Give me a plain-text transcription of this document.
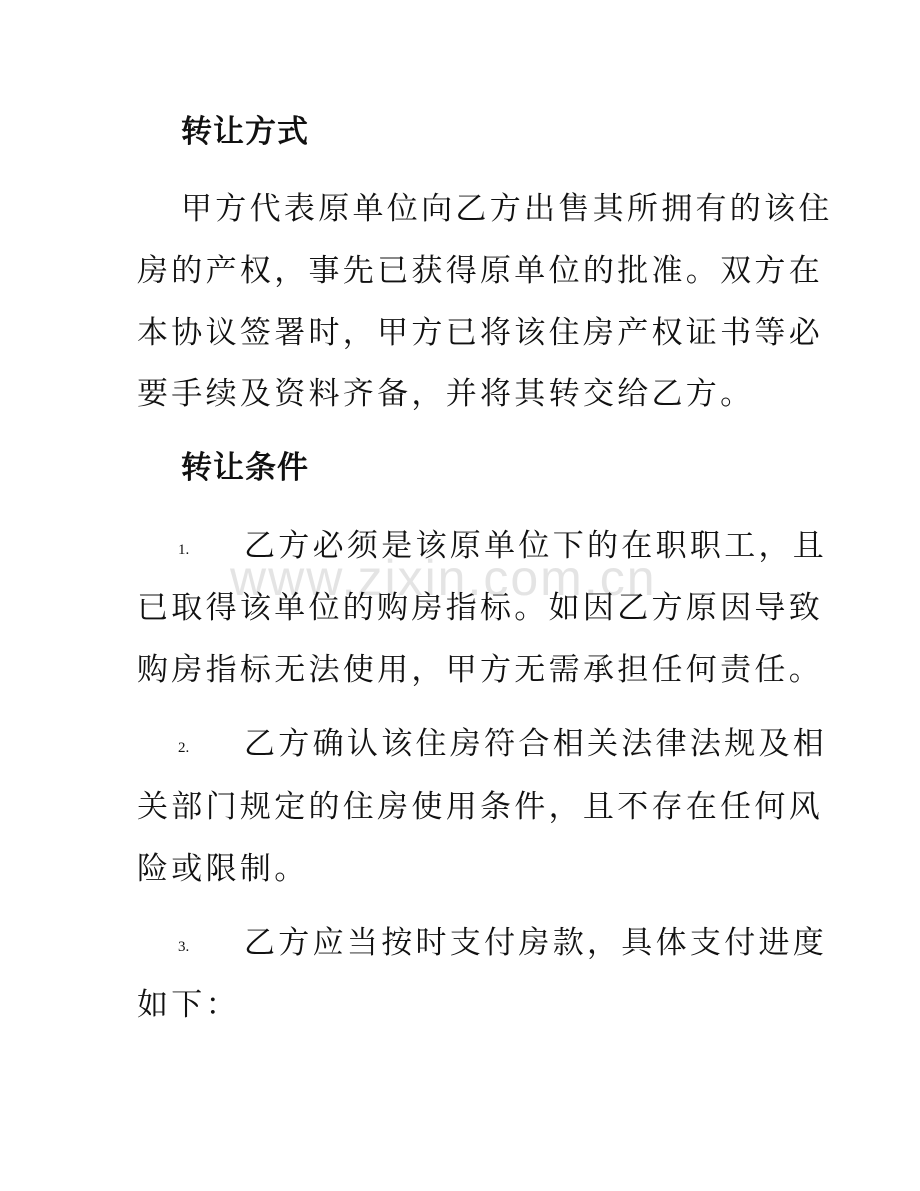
www.zixin.com.cn
转让方式
甲方代表原单位向乙方出售其所拥有的该住
房的产权，事先已获得原单位的批准。双方在
本协议签署时，甲方已将该住房产权证书等必
要手续及资料齐备，并将其转交给乙方。
转让条件
1. 乙方必须是该原单位下的在职职工，且
已取得该单位的购房指标。如因乙方原因导致
购房指标无法使用，甲方无需承担任何责任。
2. 乙方确认该住房符合相关法律法规及相
关部门规定的住房使用条件，且不存在任何风
险或限制。
3. 乙方应当按时支付房款，具体支付进度
如下：
